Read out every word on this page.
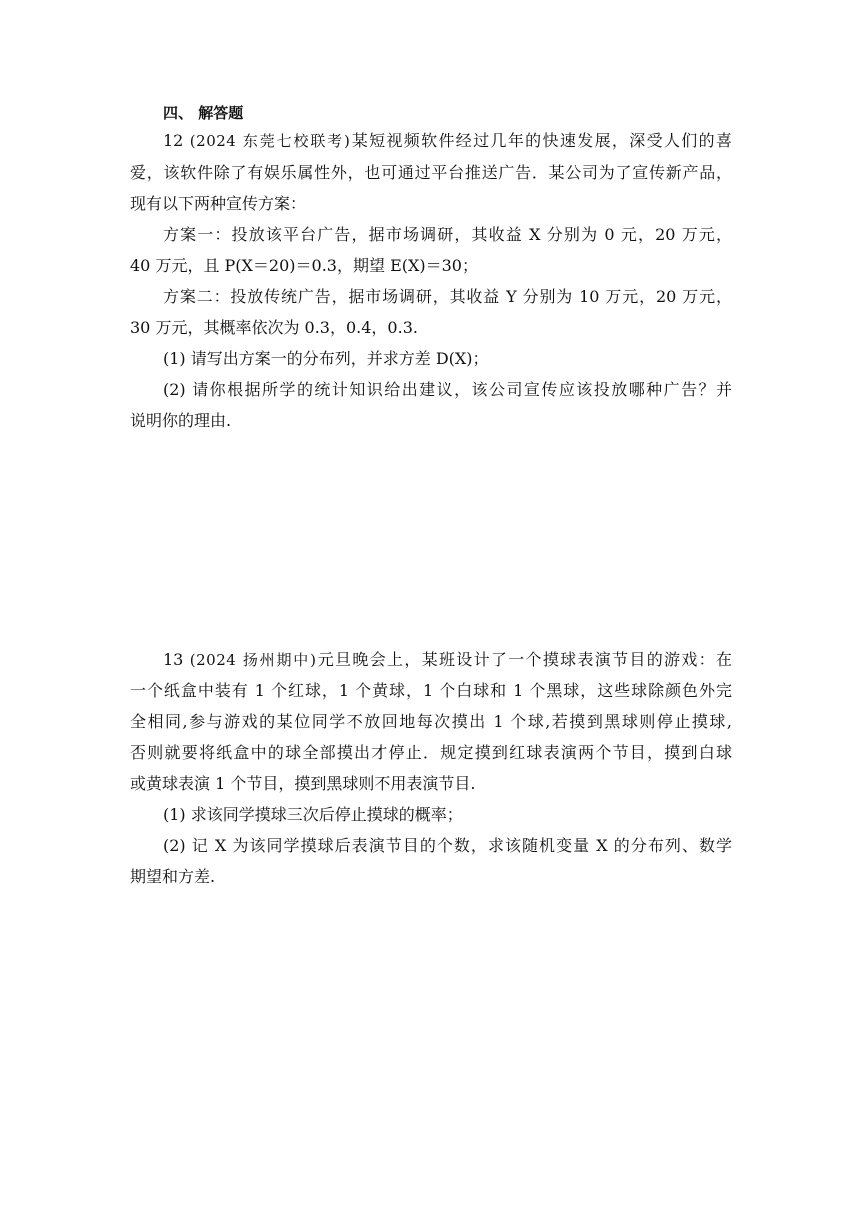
四、 解答题
12 (2024 东莞七校联考)某短视频软件经过几年的快速发展，深受人们的喜
爱，该软件除了有娱乐属性外，也可通过平台推送广告．某公司为了宣传新产品，
现有以下两种宣传方案：
方案一：投放该平台广告，据市场调研，其收益 X 分别为 0 元，20 万元，
40 万元，且 P(X＝20)＝0.3，期望 E(X)＝30；
方案二：投放传统广告，据市场调研，其收益 Y 分别为 10 万元，20 万元，
30 万元，其概率依次为 0.3，0.4，0.3.
(1) 请写出方案一的分布列，并求方差 D(X)；
(2) 请你根据所学的统计知识给出建议，该公司宣传应该投放哪种广告？并
说明你的理由.
13 (2024 扬州期中)元旦晚会上，某班设计了一个摸球表演节目的游戏：在
一个纸盒中装有 1 个红球，1 个黄球，1 个白球和 1 个黑球，这些球除颜色外完
全相同,参与游戏的某位同学不放回地每次摸出 1 个球,若摸到黑球则停止摸球,
否则就要将纸盒中的球全部摸出才停止．规定摸到红球表演两个节目，摸到白球
或黄球表演 1 个节目，摸到黑球则不用表演节目.
(1) 求该同学摸球三次后停止摸球的概率；
(2) 记 X 为该同学摸球后表演节目的个数，求该随机变量 X 的分布列、数学
期望和方差.
